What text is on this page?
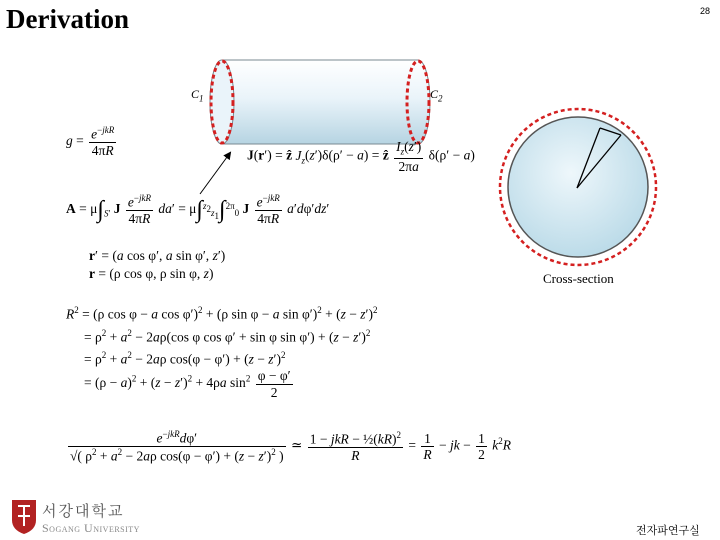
Derivation	28
$C_1$	$C_2$
$g = \frac{e^{-jkR}}{4\pi R}$	J(r′) = ẑ $J_z(z')\delta(\rho' - a)$ = ẑ $\frac{I_z(z')}{2\pi a} \delta(\rho' - a)$
$A = \mu\int_{S'}$ J $\frac{e^{-jkR}}{4\pi R} da' = \mu\int^{z_2}_{z_1}\int^{2\pi}_0$ J $\frac{e^{-jkR}}{4\pi R} a'd\varphi'dz'$
r′ = (a cos φ′, a sin φ′, z′)
r = (ρ cos φ, ρ sin φ, z)	Cross-section
$R^2 = (\rho$ cos φ − a cos φ′)$^2$ + (ρ sin φ − a $\sin \varphi')^2 + (z - z')^2$
= $\rho^2 + a^2 - 2a\rho(\cos$ φ cos φ′ + sin φ $\sin \varphi') + (z - z')^2$
= $\rho^2 + a^2 - 2a\rho$ $\cos(\varphi - \varphi') + (z - z')^2$
= $(\rho - a)^2 + (z - z')^2 + 4\rho a$ $\sin^2 \frac{\varphi - \varphi'}{2}$
$\frac{e^{-jkR}d\varphi'}{√( \rho^2 + a^2 - 2a\rho \cos(\varphi - \varphi') + (z - z')^2 )}$ ≃ $\frac{1 - jkR - \frac{1}{2}(kR)^2}{R} = \frac{1}{R}$ − jk − $\frac{1}{2} k^2R$
서강대학교
Sogang University	전자파연구실
